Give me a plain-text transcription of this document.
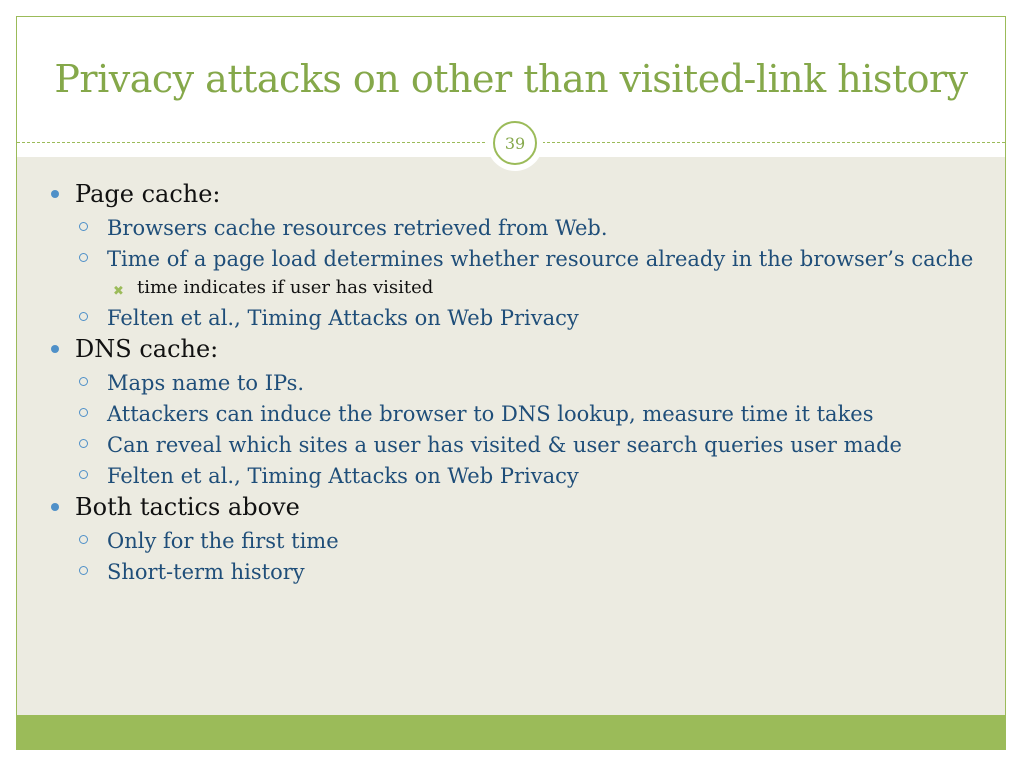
Privacy attacks on other than visited-link history
39
Page cache:
Browsers cache resources retrieved from Web.
Time of a page load determines whether resource already in the browser’s cache
✖ time indicates if user has visited
Felten et al., Timing Attacks on Web Privacy
DNS cache:
Maps name to IPs.
Attackers can induce the browser to DNS lookup, measure time it takes
Can reveal which sites a user has visited & user search queries user made
Felten et al., Timing Attacks on Web Privacy
Both tactics above
Only for the first time
Short-term history
